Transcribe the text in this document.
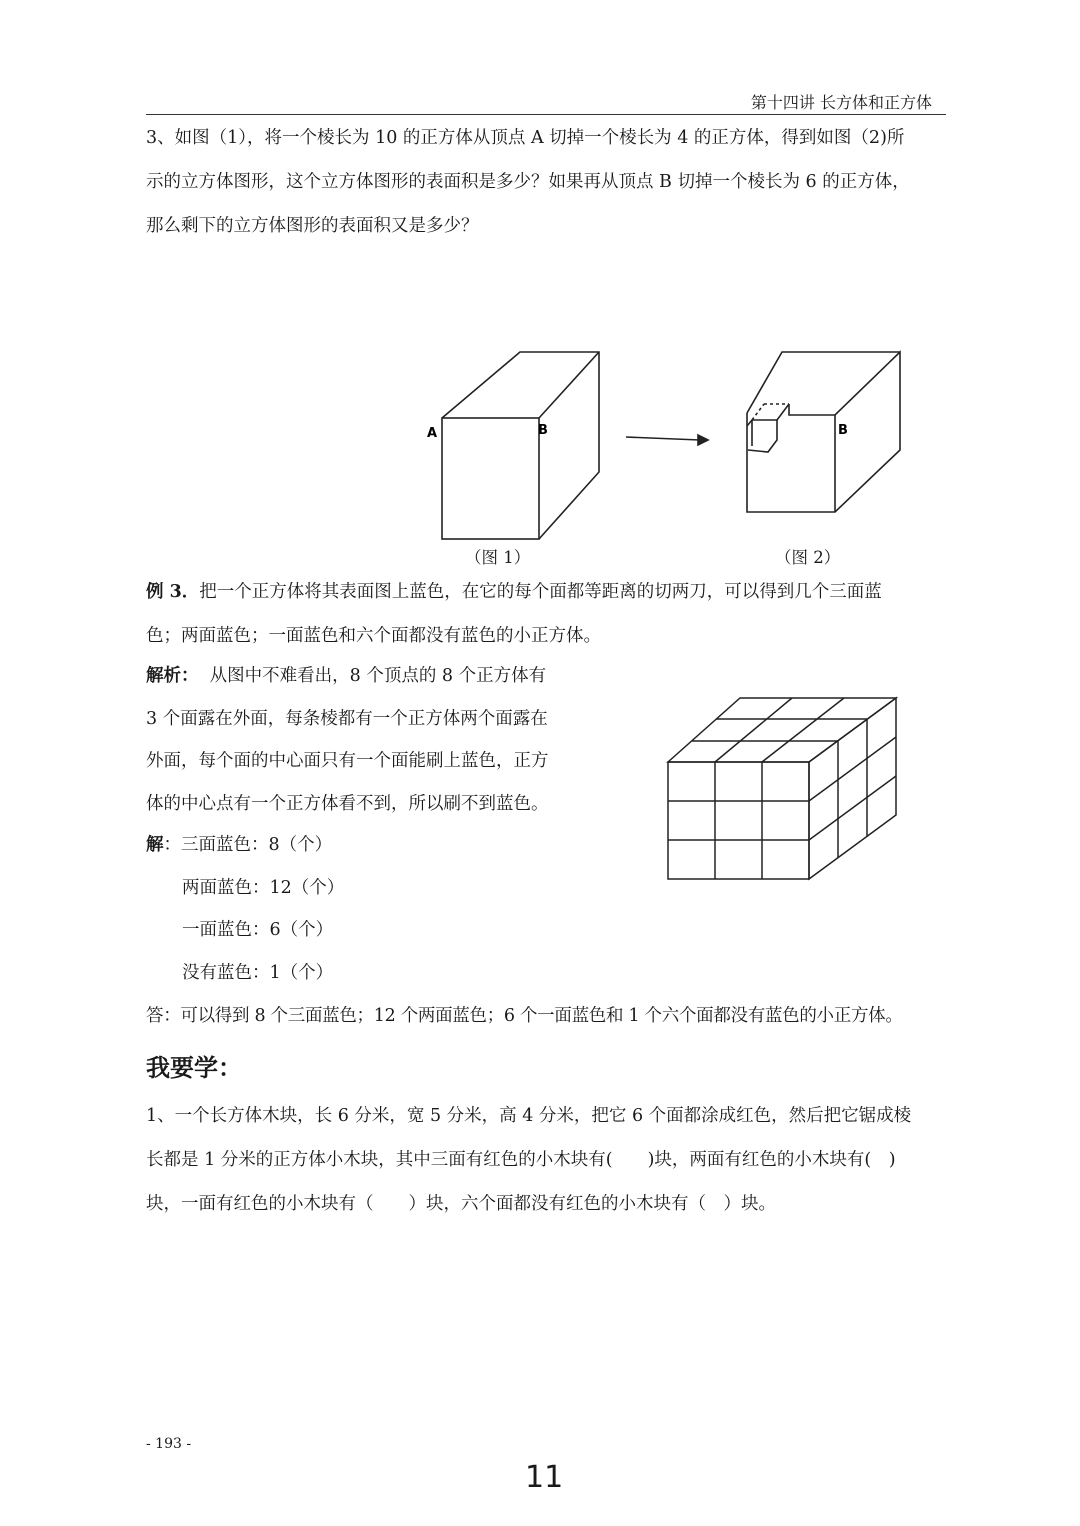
第十四讲 长方体和正方体
3、如图（1），将一个棱长为 10 的正方体从顶点 A 切掉一个棱长为 4 的正方体，得到如图（2)所
示的立方体图形，这个立方体图形的表面积是多少？如果再从顶点 B 切掉一个棱长为 6 的正方体，
那么剩下的立方体图形的表面积又是多少？
A	B	B
（图 1）	（图 2）
例 3．把一个正方体将其表面图上蓝色，在它的每个面都等距离的切两刀，可以得到几个三面蓝
色；两面蓝色；一面蓝色和六个面都没有蓝色的小正方体。
解析： 从图中不难看出，8 个顶点的 8 个正方体有
3 个面露在外面，每条棱都有一个正方体两个面露在
外面，每个面的中心面只有一个面能刷上蓝色，正方
体的中心点有一个正方体看不到，所以刷不到蓝色。
解：三面蓝色：8（个）
两面蓝色：12（个）
一面蓝色：6（个）
没有蓝色：1（个）
答：可以得到 8 个三面蓝色；12 个两面蓝色；6 个一面蓝色和 1 个六个面都没有蓝色的小正方体。
我要学：
1、一个长方体木块，长 6 分米，宽 5 分米，高 4 分米，把它 6 个面都涂成红色，然后把它锯成棱
长都是 1 分米的正方体小木块，其中三面有红色的小木块有(　　)块，两面有红色的小木块有(　)
块，一面有红色的小木块有（　　）块，六个面都没有红色的小木块有（　）块。
- 193 -
11
